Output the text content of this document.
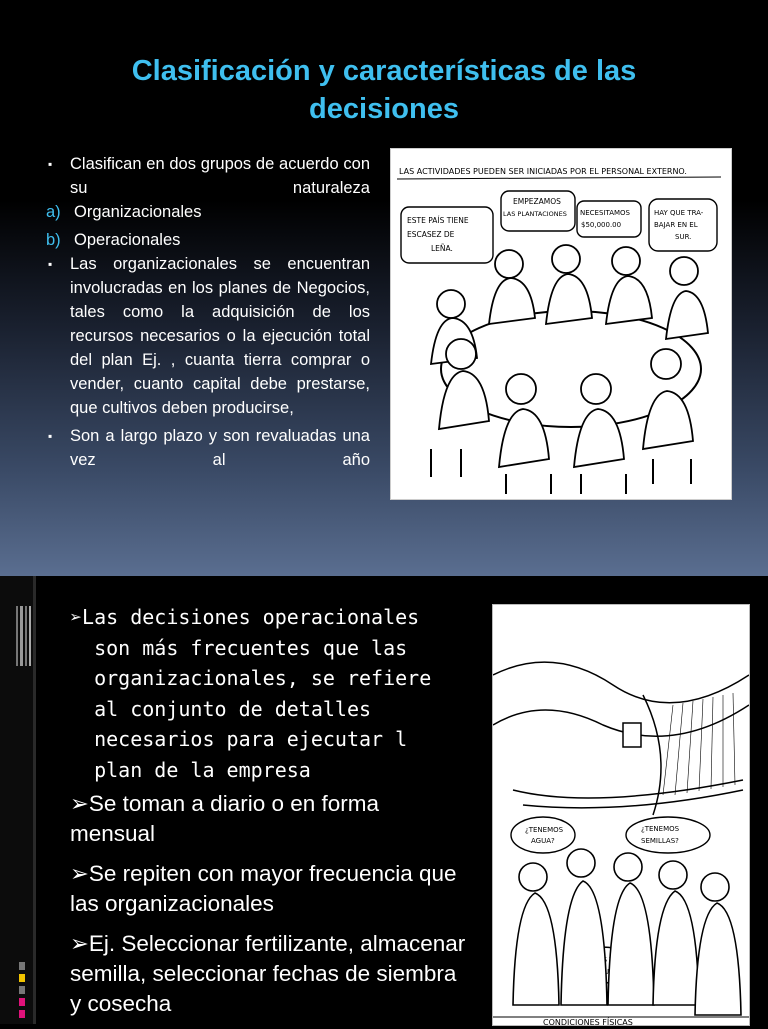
Clasificación y características de las decisiones
▪ Clasifican en dos grupos de acuerdo con su naturaleza
a) Organizacionales
b) Operacionales
▪ Las organizacionales se encuentran involucradas en los planes de Negocios, tales como la adquisición de los recursos necesarios o la ejecución total del plan Ej. , cuanta tierra comprar o vender, cuanto capital debe prestarse, que cultivos deben producirse,
▪ Son a largo plazo y son revaluadas una vez al año
LAS ACTIVIDADES PUEDEN SER INICIADAS POR EL PERSONAL EXTERNO.
ESTE PAÍS TIENE
ESCASEZ DE
LEÑA.
EMPEZAMOS
LAS PLANTACIONES NECESITAMOS
$50,000.00
HAY QUE TRA-
BAJAR EN EL
SUR.
➢Las decisiones operacionales
son más frecuentes que las
organizacionales, se refiere
al conjunto de detalles
necesarios para ejecutar l
plan de la empresa

➢Se toman a diario o en forma mensual

➢Se repiten con mayor frecuencia que las organizacionales

➢Ej. Seleccionar fertilizante, almacenar semilla, seleccionar fechas de siembra y cosecha

¿TENEMOS
AGUA?
¿TENEMOS
SEMILLAS?
CONDICIONES FÍSICAS
